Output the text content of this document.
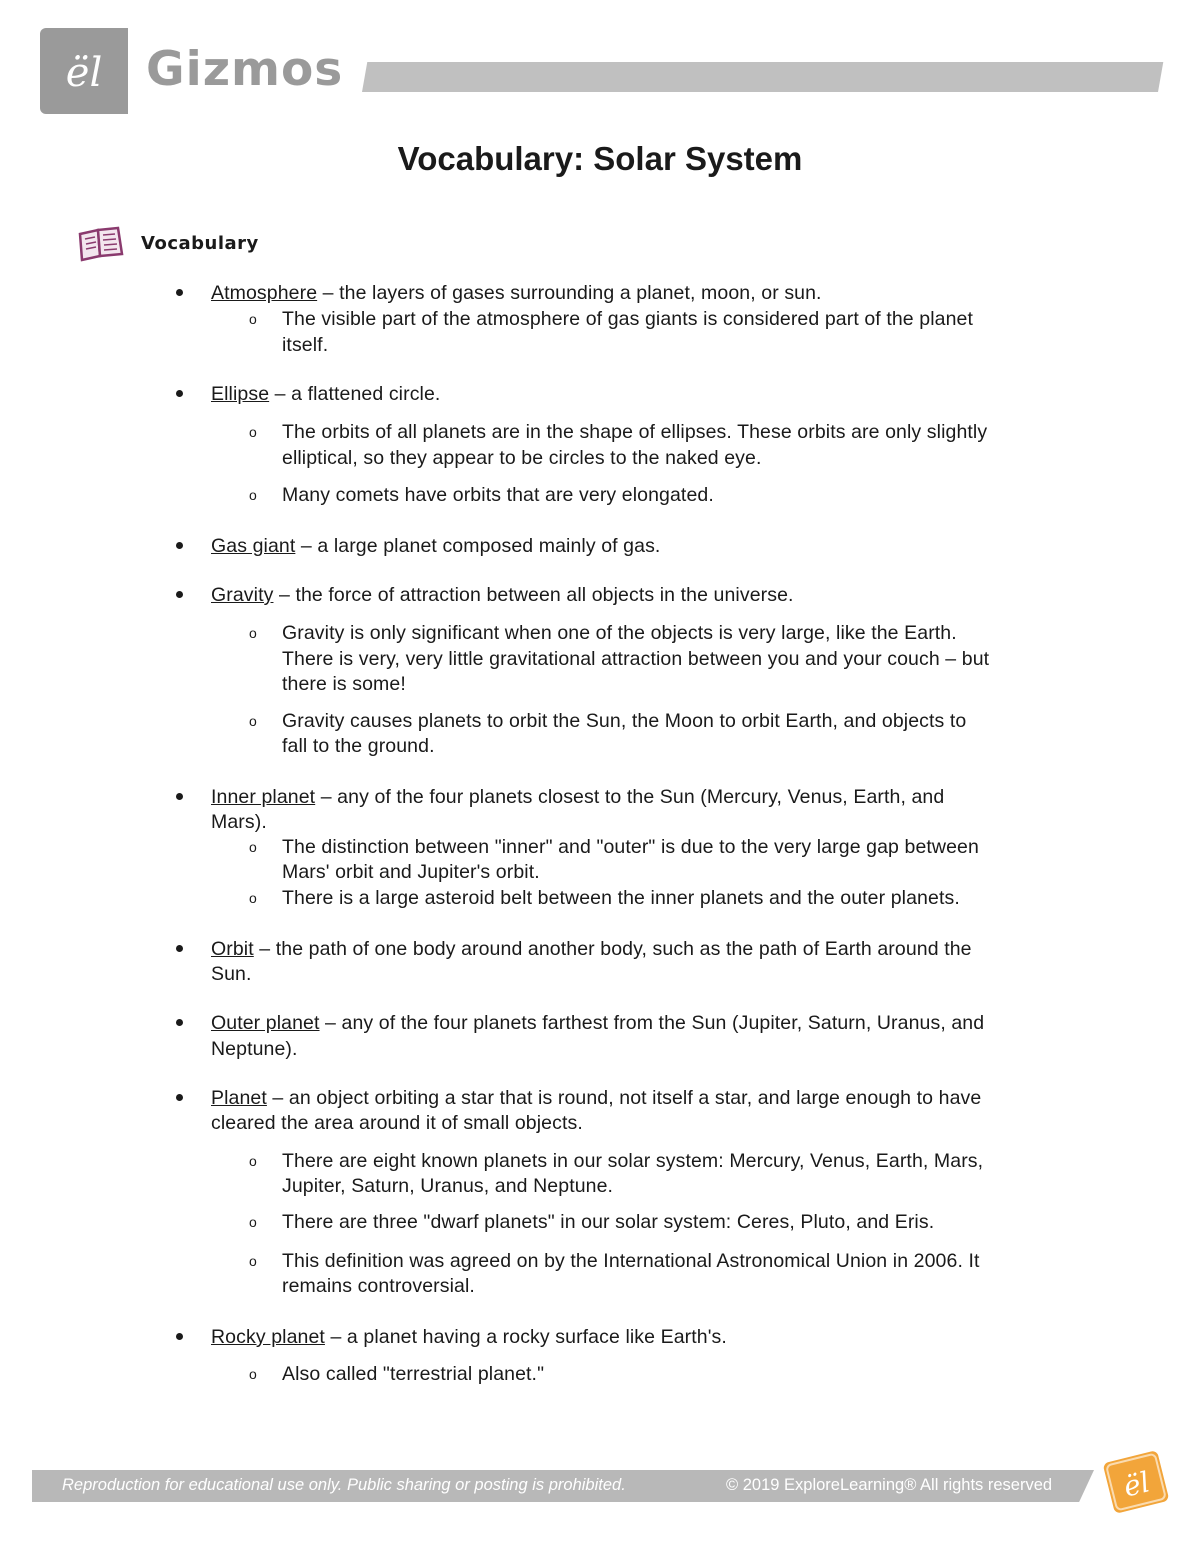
ël Gizmos
Vocabulary: Solar System
Vocabulary
Atmosphere – the layers of gases surrounding a planet, moon, or sun.
o The visible part of the atmosphere of gas giants is considered part of the planet
itself.
Ellipse – a flattened circle.
o The orbits of all planets are in the shape of ellipses. These orbits are only slightly
elliptical, so they appear to be circles to the naked eye.
o Many comets have orbits that are very elongated.
Gas giant – a large planet composed mainly of gas.
Gravity – the force of attraction between all objects in the universe.
o Gravity is only significant when one of the objects is very large, like the Earth.
There is very, very little gravitational attraction between you and your couch – but
there is some!
o Gravity causes planets to orbit the Sun, the Moon to orbit Earth, and objects to
fall to the ground.
Inner planet – any of the four planets closest to the Sun (Mercury, Venus, Earth, and
Mars).
o The distinction between "inner" and "outer" is due to the very large gap between
Mars' orbit and Jupiter's orbit.
o There is a large asteroid belt between the inner planets and the outer planets.
Orbit – the path of one body around another body, such as the path of Earth around the
Sun.
Outer planet – any of the four planets farthest from the Sun (Jupiter, Saturn, Uranus, and
Neptune).
Planet – an object orbiting a star that is round, not itself a star, and large enough to have
cleared the area around it of small objects.
o There are eight known planets in our solar system: Mercury, Venus, Earth, Mars,
Jupiter, Saturn, Uranus, and Neptune.
o There are three "dwarf planets" in our solar system: Ceres, Pluto, and Eris.
o This definition was agreed on by the International Astronomical Union in 2006. It
remains controversial.
Rocky planet – a planet having a rocky surface like Earth's.
o Also called "terrestrial planet."
Reproduction for educational use only. Public sharing or posting is prohibited.	© 2019 ExploreLearning® All rights reserved ël
